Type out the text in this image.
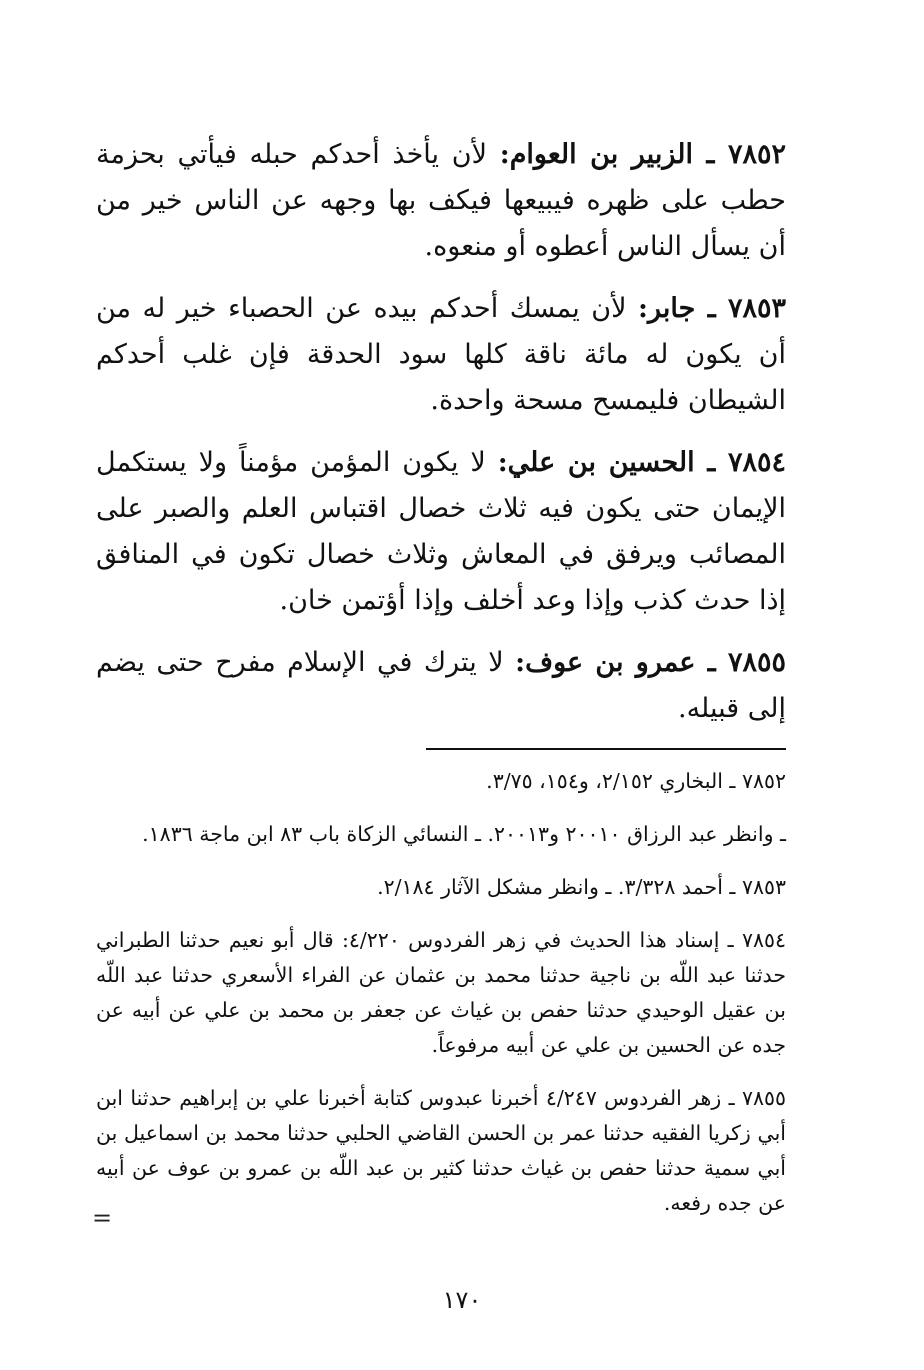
٧٨٥٢ ـ الزبير بن العوام: لأن يأخذ أحدكم حبله فيأتي بحزمة حطب على ظهره فيبيعها فيكف بها وجهه عن الناس خير من أن يسأل الناس أعطوه أو منعوه.

٧٨٥٣ ـ جابر: لأن يمسك أحدكم بيده عن الحصباء خير له من أن يكون له مائة ناقة كلها سود الحدقة فإن غلب أحدكم الشيطان فليمسح مسحة واحدة.

٧٨٥٤ ـ الحسين بن علي: لا يكون المؤمن مؤمناً ولا يستكمل الإيمان حتى يكون فيه ثلاث خصال اقتباس العلم والصبر على المصائب ويرفق في المعاش وثلاث خصال تكون في المنافق إذا حدث كذب وإذا وعد أخلف وإذا أؤتمن خان.

٧٨٥٥ ـ عمرو بن عوف: لا يترك في الإسلام مفرح حتى يضم إلى قبيله.

٧٨٥٢ ـ البخاري ٢/١٥٢، و١٥٤، ٣/٧٥.

ـ وانظر عبد الرزاق ٢٠٠١٠ و٢٠٠١٣. ـ النسائي الزكاة باب ٨٣ ابن ماجة ١٨٣٦.

٧٨٥٣ ـ أحمد ٣/٣٢٨. ـ وانظر مشكل الآثار ٢/١٨٤.

٧٨٥٤ ـ إسناد هذا الحديث في زهر الفردوس ٤/٢٢٠: قال أبو نعيم حدثنا الطبراني حدثنا عبد اللّه بن ناجية حدثنا محمد بن عثمان عن الفراء الأسعري حدثنا عبد اللّه بن عقيل الوحيدي حدثنا حفص بن غياث عن جعفر بن محمد بن علي عن أبيه عن جده عن الحسين بن علي عن أبيه مرفوعاً.

٧٨٥٥ ـ زهر الفردوس ٤/٢٤٧ أخبرنا عبدوس كتابة أخبرنا علي بن إبراهيم حدثنا ابن أبي زكريا الفقيه حدثنا عمر بن الحسن القاضي الحلبي حدثنا محمد بن اسماعيل بن أبي سمية حدثنا حفص بن غياث حدثنا كثير بن عبد اللّه بن عمرو بن عوف عن أبيه عن جده رفعه.

=
١٧٠
